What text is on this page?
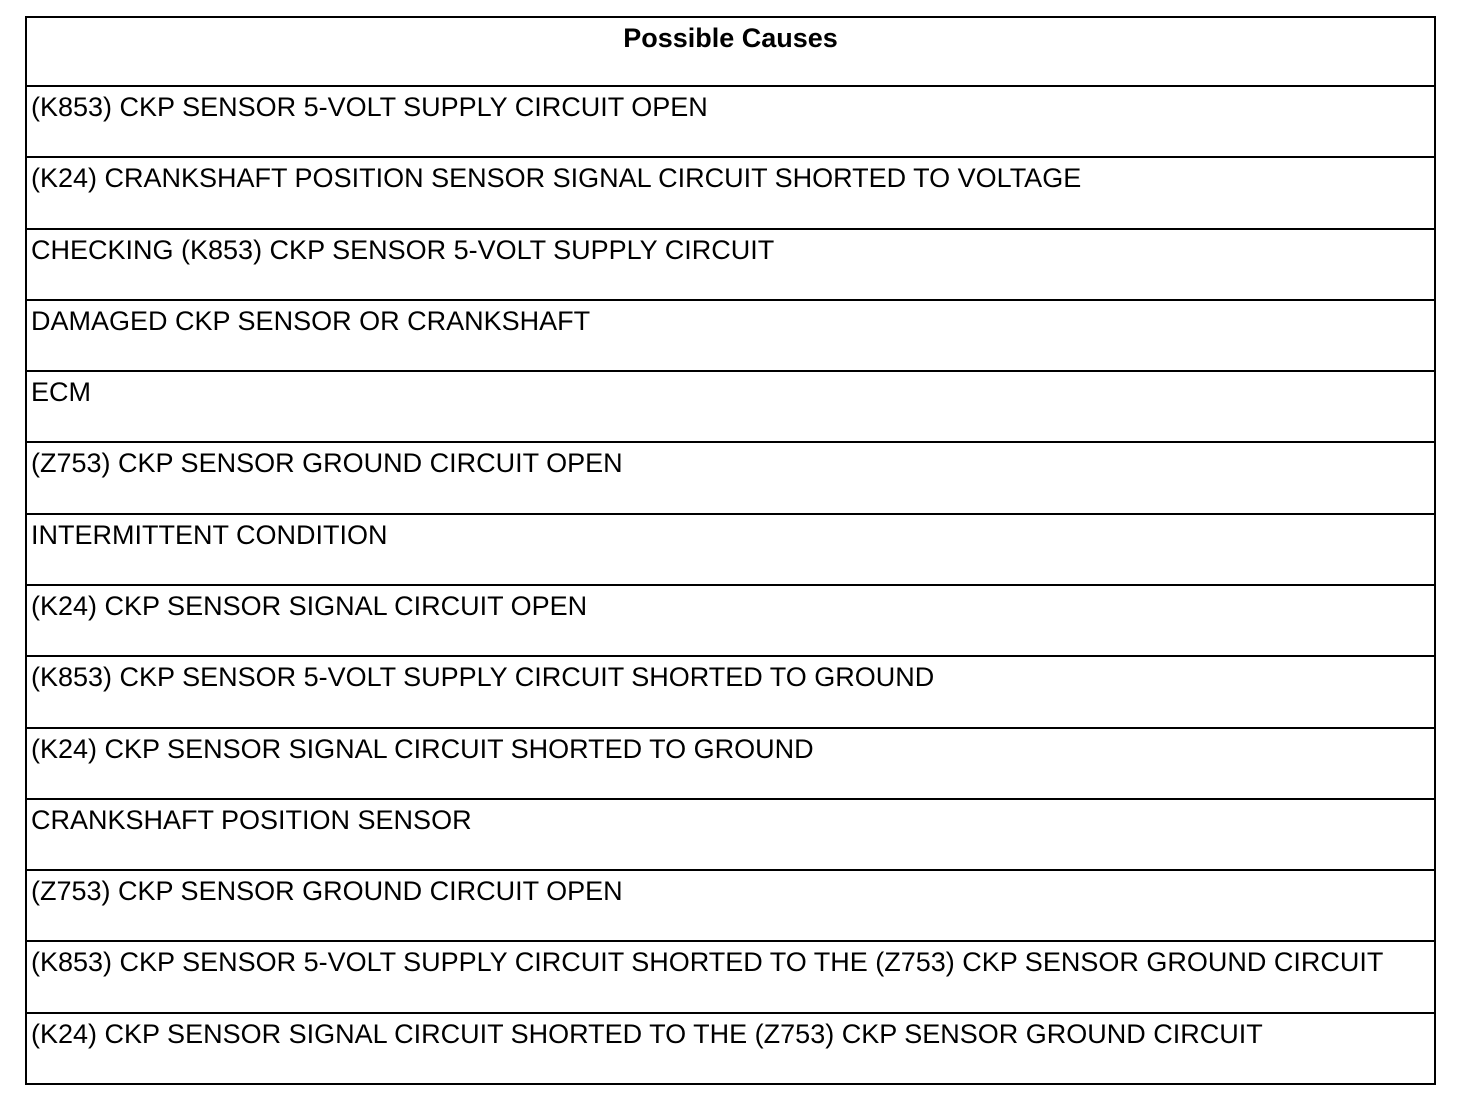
Possible Causes
(K853) CKP SENSOR 5-VOLT SUPPLY CIRCUIT OPEN
(K24) CRANKSHAFT POSITION SENSOR SIGNAL CIRCUIT SHORTED TO VOLTAGE
CHECKING (K853) CKP SENSOR 5-VOLT SUPPLY CIRCUIT
DAMAGED CKP SENSOR OR CRANKSHAFT
ECM
(Z753) CKP SENSOR GROUND CIRCUIT OPEN
INTERMITTENT CONDITION
(K24) CKP SENSOR SIGNAL CIRCUIT OPEN
(K853) CKP SENSOR 5-VOLT SUPPLY CIRCUIT SHORTED TO GROUND
(K24) CKP SENSOR SIGNAL CIRCUIT SHORTED TO GROUND
CRANKSHAFT POSITION SENSOR
(Z753) CKP SENSOR GROUND CIRCUIT OPEN
(K853) CKP SENSOR 5-VOLT SUPPLY CIRCUIT SHORTED TO THE (Z753) CKP SENSOR GROUND CIRCUIT
(K24) CKP SENSOR SIGNAL CIRCUIT SHORTED TO THE (Z753) CKP SENSOR GROUND CIRCUIT
